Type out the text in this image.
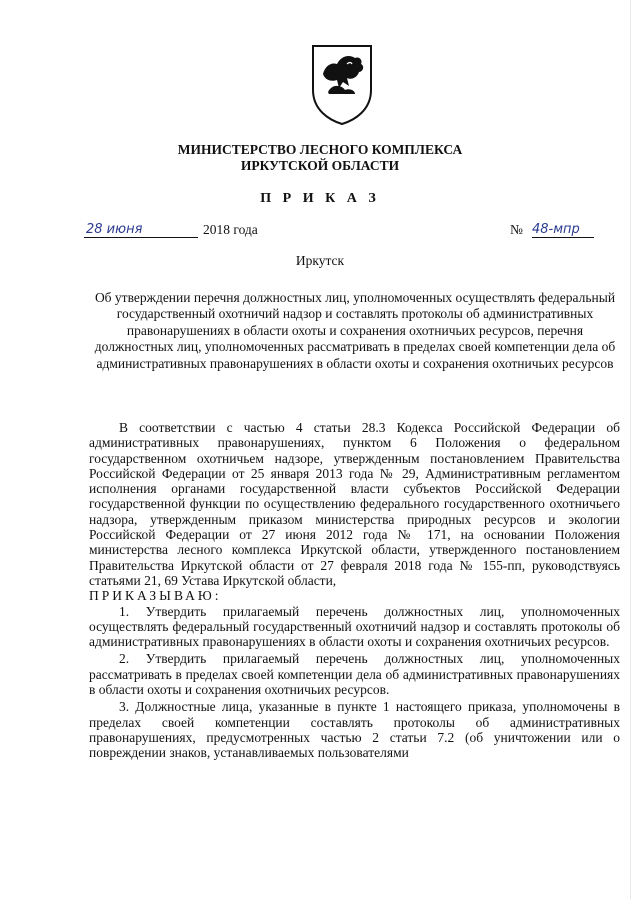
МИНИСТЕРСТВО ЛЕСНОГО КОМПЛЕКСА
ИРКУТСКОЙ ОБЛАСТИ
П Р И К А З
28 июня	2018 года	№ 48-мпр
Иркутск
Об утверждении перечня должностных лиц, уполномоченных осуществлять федеральный государственный охотничий надзор и составлять протоколы об административных правонарушениях в области охоты и сохранения охотничьих ресурсов, перечня должностных лиц, уполномоченных рассматривать в пределах своей компетенции дела об административных правонарушениях в области охоты и сохранения охотничьих ресурсов

В соответствии с частью 4 статьи 28.3 Кодекса Российской Федерации об административных правонарушениях, пунктом 6 Положения о федеральном государственном охотничьем надзоре, утвержденным постановлением Правительства Российской Федерации от 25 января 2013 года № 29, Административным регламентом исполнения органами государственной власти субъектов Российской Федерации государственной функции по осуществлению федерального государственного охотничьего надзора, утвержденным приказом министерства природных ресурсов и экологии Российской Федерации от 27 июня 2012 года № 171, на основании Положения министерства лесного комплекса Иркутской области, утвержденного постановлением Правительства Иркутской области от 27 февраля 2018 года № 155-пп, руководствуясь статьями 21, 69 Устава Иркутской области,

ПРИКАЗЫВАЮ:

1. Утвердить прилагаемый перечень должностных лиц, уполномоченных осуществлять федеральный государственный охотничий надзор и составлять протоколы об административных правонарушениях в области охоты и сохранения охотничьих ресурсов.

2. Утвердить прилагаемый перечень должностных лиц, уполномоченных рассматривать в пределах своей компетенции дела об административных правонарушениях в области охоты и сохранения охотничьих ресурсов.

3. Должностные лица, указанные в пункте 1 настоящего приказа, уполномочены в пределах своей компетенции составлять протоколы об административных правонарушениях, предусмотренных частью 2 статьи 7.2 (об уничтожении или о повреждении знаков, устанавливаемых пользователями
